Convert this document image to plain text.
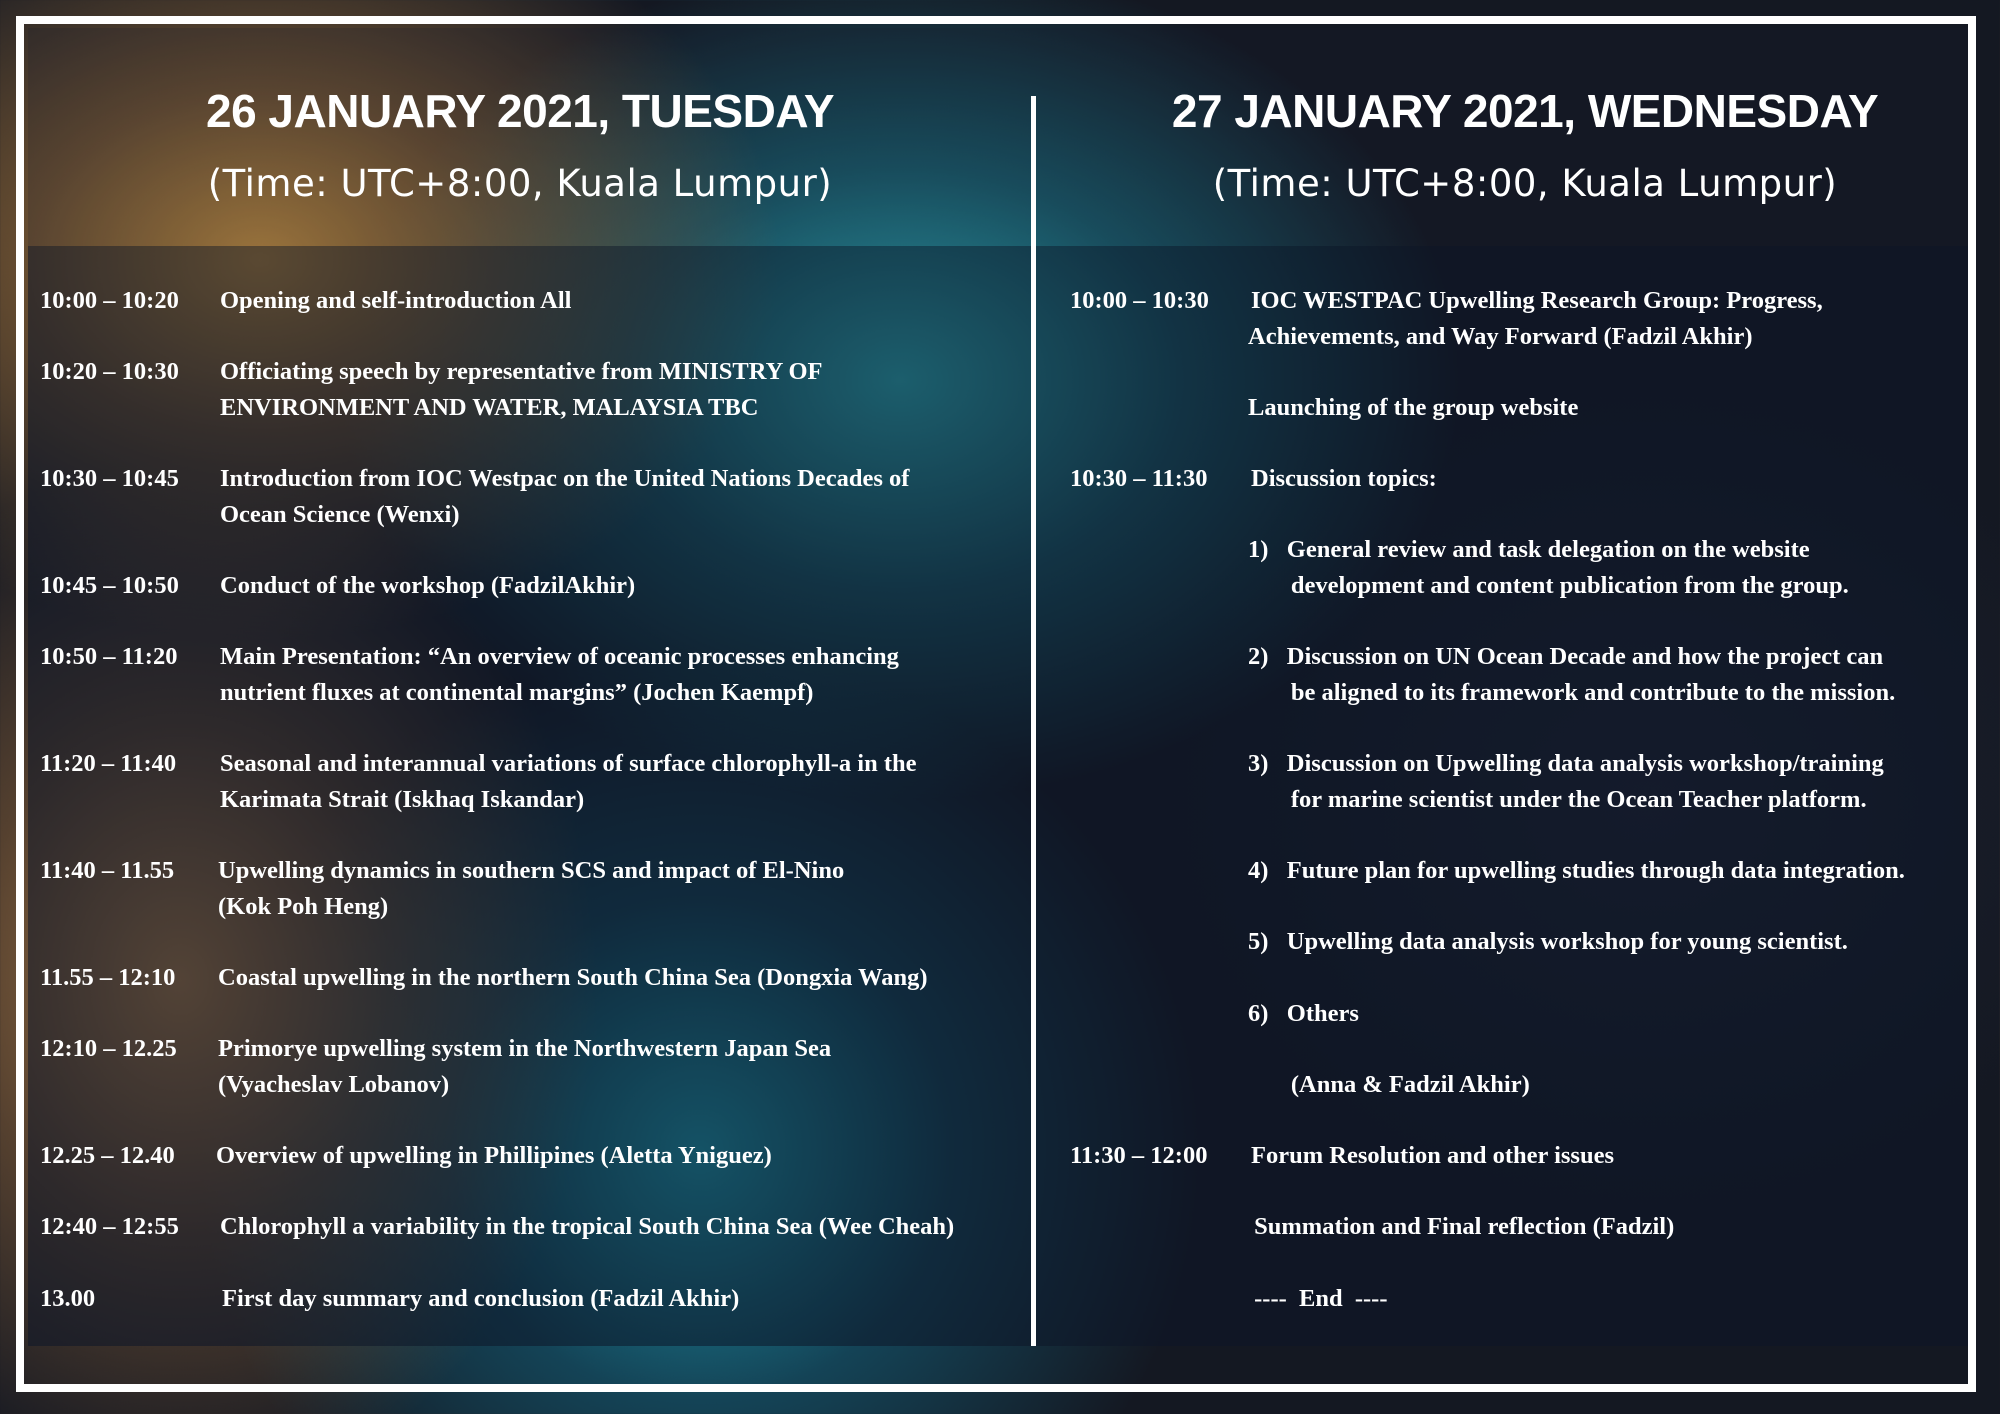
26 JANUARY 2021, TUESDAY
(Time: UTC+8:00, Kuala Lumpur)
27 JANUARY 2021, WEDNESDAY
(Time: UTC+8:00, Kuala Lumpur)
10:00 – 10:20 Opening and self-introduction All
10:20 – 10:30 Officiating speech by representative from MINISTRY OF
ENVIRONMENT AND WATER, MALAYSIA TBC
10:30 – 10:45 Introduction from IOC Westpac on the United Nations Decades of
Ocean Science (Wenxi)
10:45 – 10:50 Conduct of the workshop (FadzilAkhir)
10:50 – 11:20 Main Presentation: “An overview of oceanic processes enhancing
nutrient fluxes at continental margins” (Jochen Kaempf)
11:20 – 11:40 Seasonal and interannual variations of surface chlorophyll-a in the
Karimata Strait (Iskhaq Iskandar)
11:40 – 11.55 Upwelling dynamics in southern SCS and impact of El-Nino
(Kok Poh Heng)
11.55 – 12:10 Coastal upwelling in the northern South China Sea (Dongxia Wang)
12:10 – 12.25 Primorye upwelling system in the Northwestern Japan Sea
(Vyacheslav Lobanov)
12.25 – 12.40 Overview of upwelling in Phillipines (Aletta Yniguez)
12:40 – 12:55 Chlorophyll a variability in the tropical South China Sea (Wee Cheah)
13.00	First day summary and conclusion (Fadzil Akhir)
10:00 – 10:30 IOC WESTPAC Upwelling Research Group: Progress,
Achievements, and Way Forward (Fadzil Akhir)
Launching of the group website
10:30 – 11:30 Discussion topics:
1)   General review and task delegation on the website
development and content publication from the group.
2)   Discussion on UN Ocean Decade and how the project can
be aligned to its framework and contribute to the mission.
3)   Discussion on Upwelling data analysis workshop/training
for marine scientist under the Ocean Teacher platform.
4)   Future plan for upwelling studies through data integration.
5)   Upwelling data analysis workshop for young scientist.
6)   Others
(Anna & Fadzil Akhir)
11:30 – 12:00 Forum Resolution and other issues
Summation and Final reflection (Fadzil)
----  End  ----
